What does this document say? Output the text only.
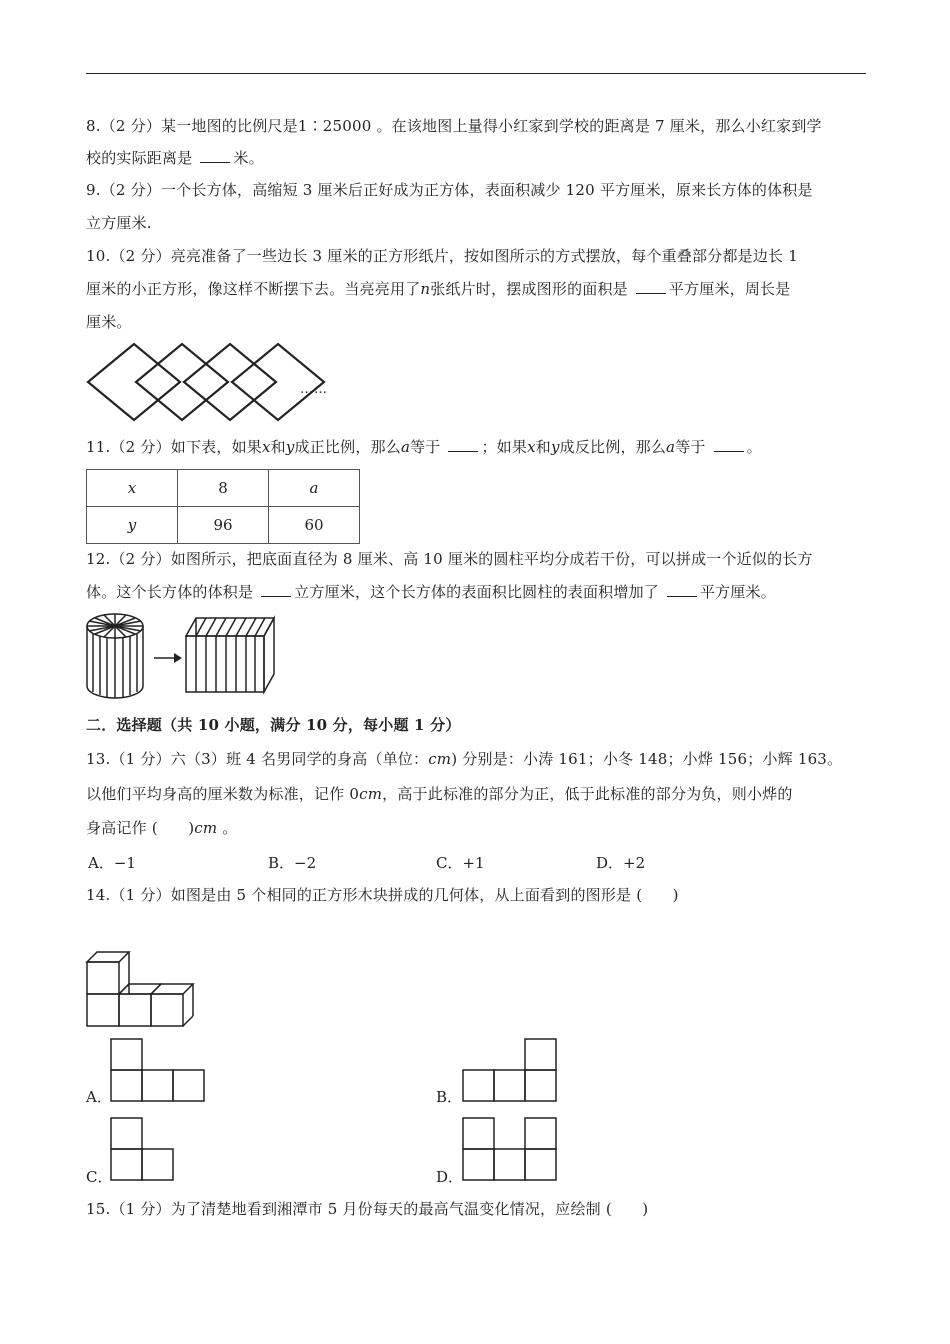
8.（2 分）某一地图的比例尺是1∶25000 。在该地图上量得小红家到学校的距离是 7 厘米，那么小红家到学
校的实际距离是 米。
9.（2 分）一个长方体，高缩短 3 厘米后正好成为正方体，表面积减少 120 平方厘米，原来长方体的体积是
立方厘米.
10.（2 分）亮亮准备了一些边长 3 厘米的正方形纸片，按如图所示的方式摆放，每个重叠部分都是边长 1
厘米的小正方形，像这样不断摆下去。当亮亮用了n张纸片时，摆成图形的面积是 平方厘米，周长是
厘米。
……
11.（2 分）如下表，如果x和y成正比例，那么a等于 ；如果x和y成反比例，那么a等于 。
x	8	a
y	96	60
12.（2 分）如图所示，把底面直径为 8 厘米、高 10 厘米的圆柱平均分成若干份，可以拼成一个近似的长方
体。这个长方体的体积是 立方厘米，这个长方体的表面积比圆柱的表面积增加了 平方厘米。
二．选择题（共 10 小题，满分 10 分，每小题 1 分）
13.（1 分）六（3）班 4 名男同学的身高（单位：cm) 分别是：小涛 161；小冬 148；小烨 156；小辉 163。
以他们平均身高的厘米数为标准，记作 0cm，高于此标准的部分为正，低于此标准的部分为负，则小烨的
身高记作 (　　)cm 。
A．−1	B．−2	C．+1	D．+2
14.（1 分）如图是由 5 个相同的正方形木块拼成的几何体，从上面看到的图形是 (　　)
A．	B．
C．	D．
15.（1 分）为了清楚地看到湘潭市 5 月份每天的最高气温变化情况，应绘制 (　　)
